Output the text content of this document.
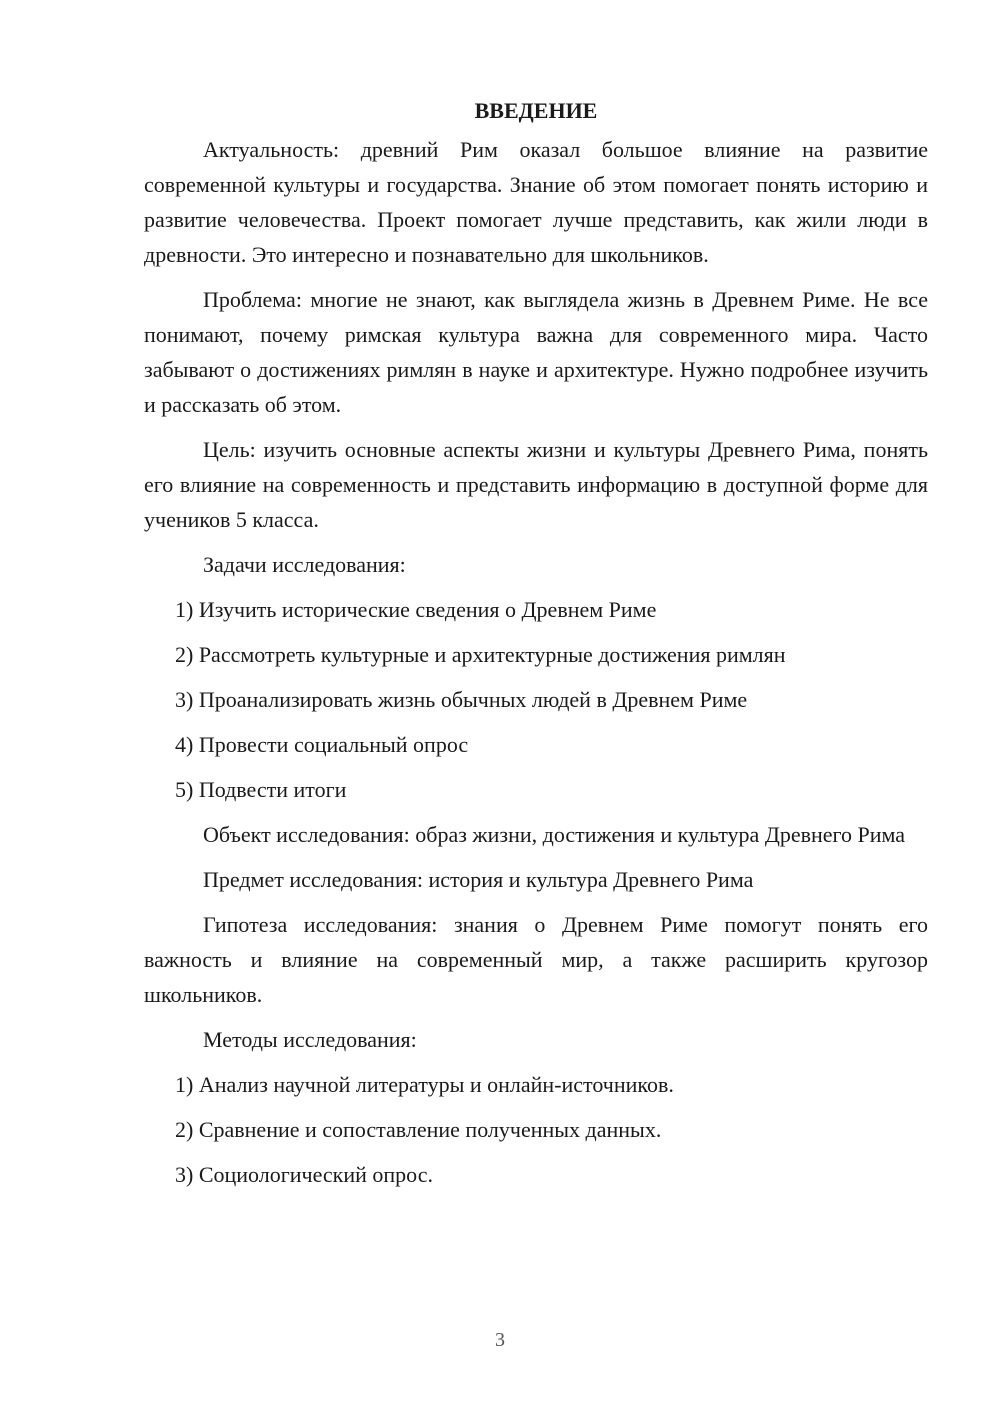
ВВЕДЕНИЕ

Актуальность: древний Рим оказал большое влияние на развитие современной культуры и государства. Знание об этом помогает понять историю и развитие человечества. Проект помогает лучше представить, как жили люди в древности. Это интересно и познавательно для школьников.

Проблема: многие не знают, как выглядела жизнь в Древнем Риме. Не все понимают, почему римская культура важна для современного мира. Часто забывают о достижениях римлян в науке и архитектуре. Нужно подробнее изучить и рассказать об этом.

Цель: изучить основные аспекты жизни и культуры Древнего Рима, понять его влияние на современность и представить информацию в доступной форме для учеников 5 класса.

Задачи исследования:
1) Изучить исторические сведения о Древнем Риме
2) Рассмотреть культурные и архитектурные достижения римлян
3) Проанализировать жизнь обычных людей в Древнем Риме
4) Провести социальный опрос
5) Подвести итоги

Объект исследования: образ жизни, достижения и культура Древнего Рима

Предмет исследования: история и культура Древнего Рима

Гипотеза исследования: знания о Древнем Риме помогут понять его важность и влияние на современный мир, а также расширить кругозор школьников.

Методы исследования:
1) Анализ научной литературы и онлайн-источников.
2) Сравнение и сопоставление полученных данных.
3) Социологический опрос.
3
